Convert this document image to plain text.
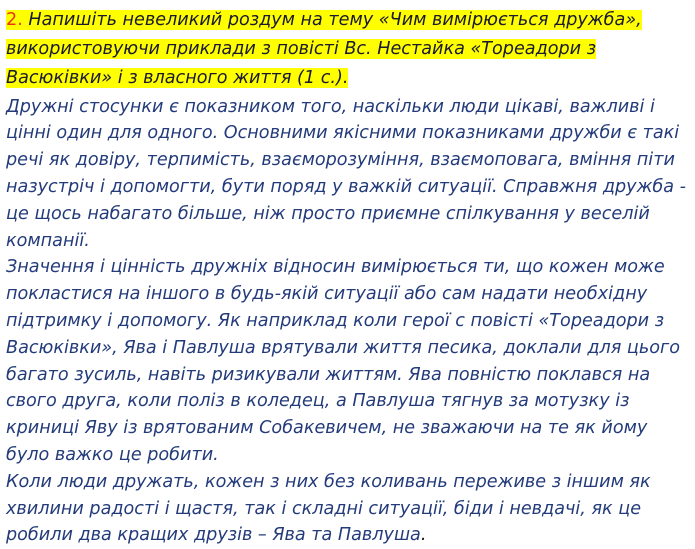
2. Напишіть невеликий роздум на тему «Чим вимірюється дружба», використовуючи приклади з повісті Вс. Нестайка «Тореадори з Васюківки» і з власного життя (1 с.).

Дружні стосунки є показником того, наскільки люди цікаві, важливі і цінні один для одного. Основними якісними показниками дружби є такі речі як довіру, терпимість, взаєморозуміння, взаємоповага, вміння піти назустріч і допомогти, бути поряд у важкій ситуації. Справжня дружба - це щось набагато більше, ніж просто приємне спілкування у веселій компанії.
Значення і цінність дружніх відносин вимірюється ти, що кожен може покластися на іншого в будь-якій ситуації або сам надати необхідну підтримку і допомогу. Як наприклад коли герої с повісті «Тореадори з Васюківки», Ява і Павлуша врятували життя песика, доклали для цього багато зусиль, навіть ризикували життям. Ява повністю поклався на свого друга, коли поліз в коледец, а Павлуша тягнув за мотузку із криниці Яву із врятованим Собакевичем, не зважаючи на те як йому було важко це робити.
Коли люди дружать, кожен з них без коливань переживе з іншим як хвилини радості і щастя, так і складні ситуації, біди і невдачі, як це робили два кращих друзів – Ява та Павлуша.
